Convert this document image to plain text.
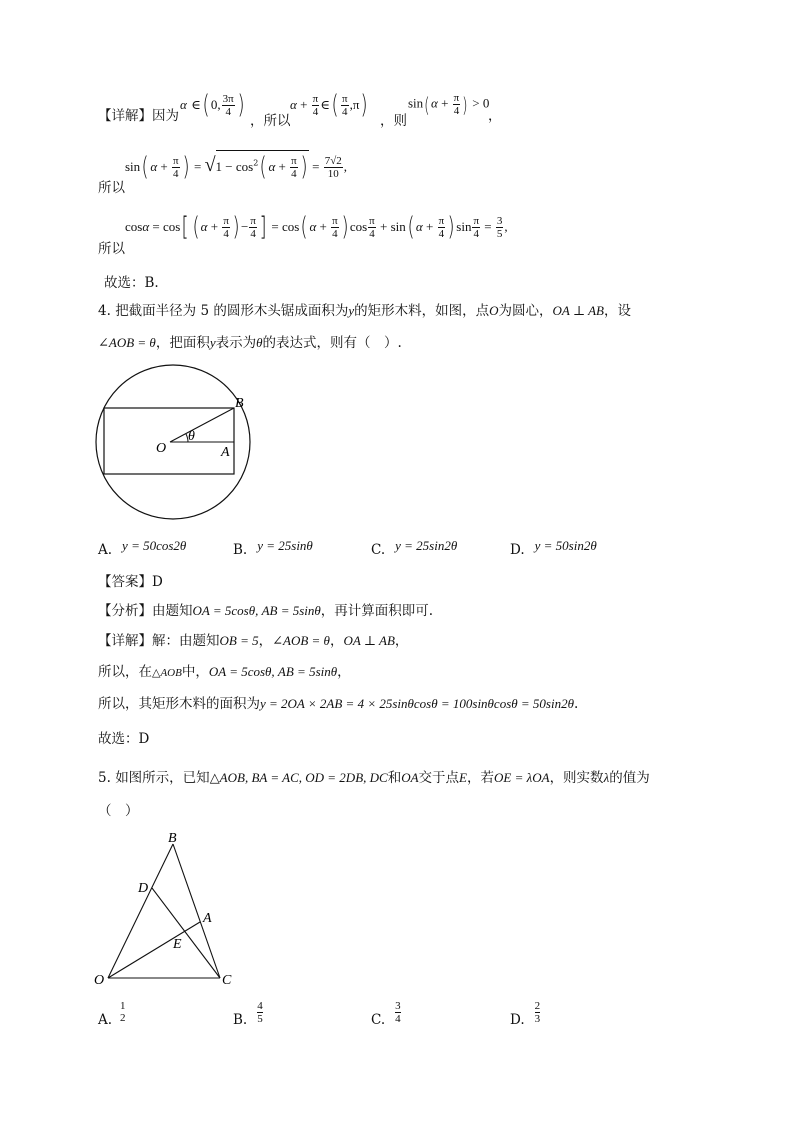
【详解】因为
α ∈( 0, $\frac{3\pi}{4}$ )
，所以
$\alpha + \frac{\pi}{4}$ ∈( $\frac{\pi}{4} ,\pi$)
，则
$\sin(\alpha + \frac{\pi}{4}$ ) > 0
，
sin( $\alpha + \frac{\pi}{4}$ ) = $√1 - \cos^2$( $\alpha + \frac{\pi}{4}$ ) = $\frac{7√2}{10}$ ,
所以
cosα = cos[ ( $\alpha + \frac{\pi}{4}$ ) − $\frac{\pi}{4}$ ] = cos( $\alpha + \frac{\pi}{4}$ ) $\cos \frac{\pi}{4} + \sin$( $\alpha + \frac{\pi}{4}$ ) $\sin \frac{\pi}{4} = \frac{3}{5}$ ,
所以
故选：B.
4. 把截面半径为 5 的圆形木头锯成面积为y的矩形木料，如图，点O为圆心，OA ⊥ AB，设
∠AOB = θ，把面积y表示为θ的表达式，则有（　）.
B
θ
O	A
A. y = 50cos2θ	B. y = 25sinθ	C. y = 25sin2θ	D. y = 50sin2θ
【答案】D
【分析】由题知OA = 5cosθ, AB = 5sinθ，再计算面积即可.
【详解】解：由题知OB = 5，∠AOB = θ，OA ⊥ AB，
所以，在△AOB中，OA = 5cosθ, AB = 5sinθ，
所以，其矩形木料的面积为y = 2OA × 2AB = 4 × 25sinθcosθ = 100sinθcosθ = 50sin2θ.
故选：D
5. 如图所示，已知△AOB, BA = AC, OD = 2DB, DC和OA交于点E，若OE = λOA，则实数λ的值为
（　）
B
D
A
E
O	C
A.
1
2	B. $\frac{4}{5}$	C. $\frac{3}{4}$	D. $\frac{2}{3}$
